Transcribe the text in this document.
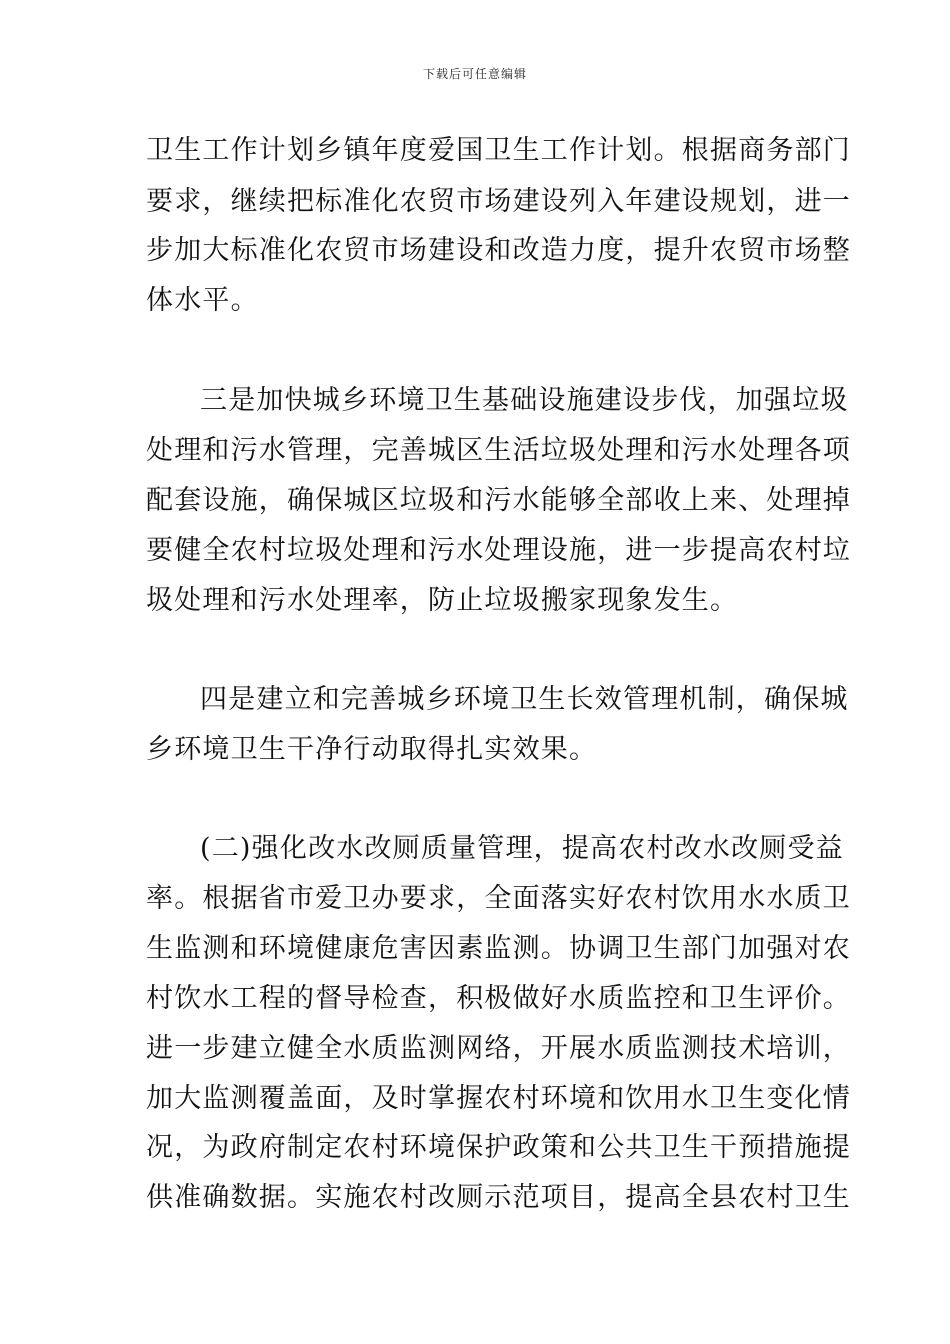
下载后可任意编辑
卫生工作计划乡镇年度爱国卫生工作计划。根据商务部门
要求，继续把标准化农贸市场建设列入年建设规划，进一
步加大标准化农贸市场建设和改造力度，提升农贸市场整
体水平。
三是加快城乡环境卫生基础设施建设步伐，加强垃圾
处理和污水管理，完善城区生活垃圾处理和污水处理各项
配套设施，确保城区垃圾和污水能够全部收上来、处理掉
要健全农村垃圾处理和污水处理设施，进一步提高农村垃
圾处理和污水处理率，防止垃圾搬家现象发生。
四是建立和完善城乡环境卫生长效管理机制，确保城
乡环境卫生干净行动取得扎实效果。
(二)强化改水改厕质量管理，提高农村改水改厕受益
率。根据省市爱卫办要求，全面落实好农村饮用水水质卫
生监测和环境健康危害因素监测。协调卫生部门加强对农
村饮水工程的督导检查，积极做好水质监控和卫生评价。
进一步建立健全水质监测网络，开展水质监测技术培训，
加大监测覆盖面，及时掌握农村环境和饮用水卫生变化情
况，为政府制定农村环境保护政策和公共卫生干预措施提
供准确数据。实施农村改厕示范项目，提高全县农村卫生
